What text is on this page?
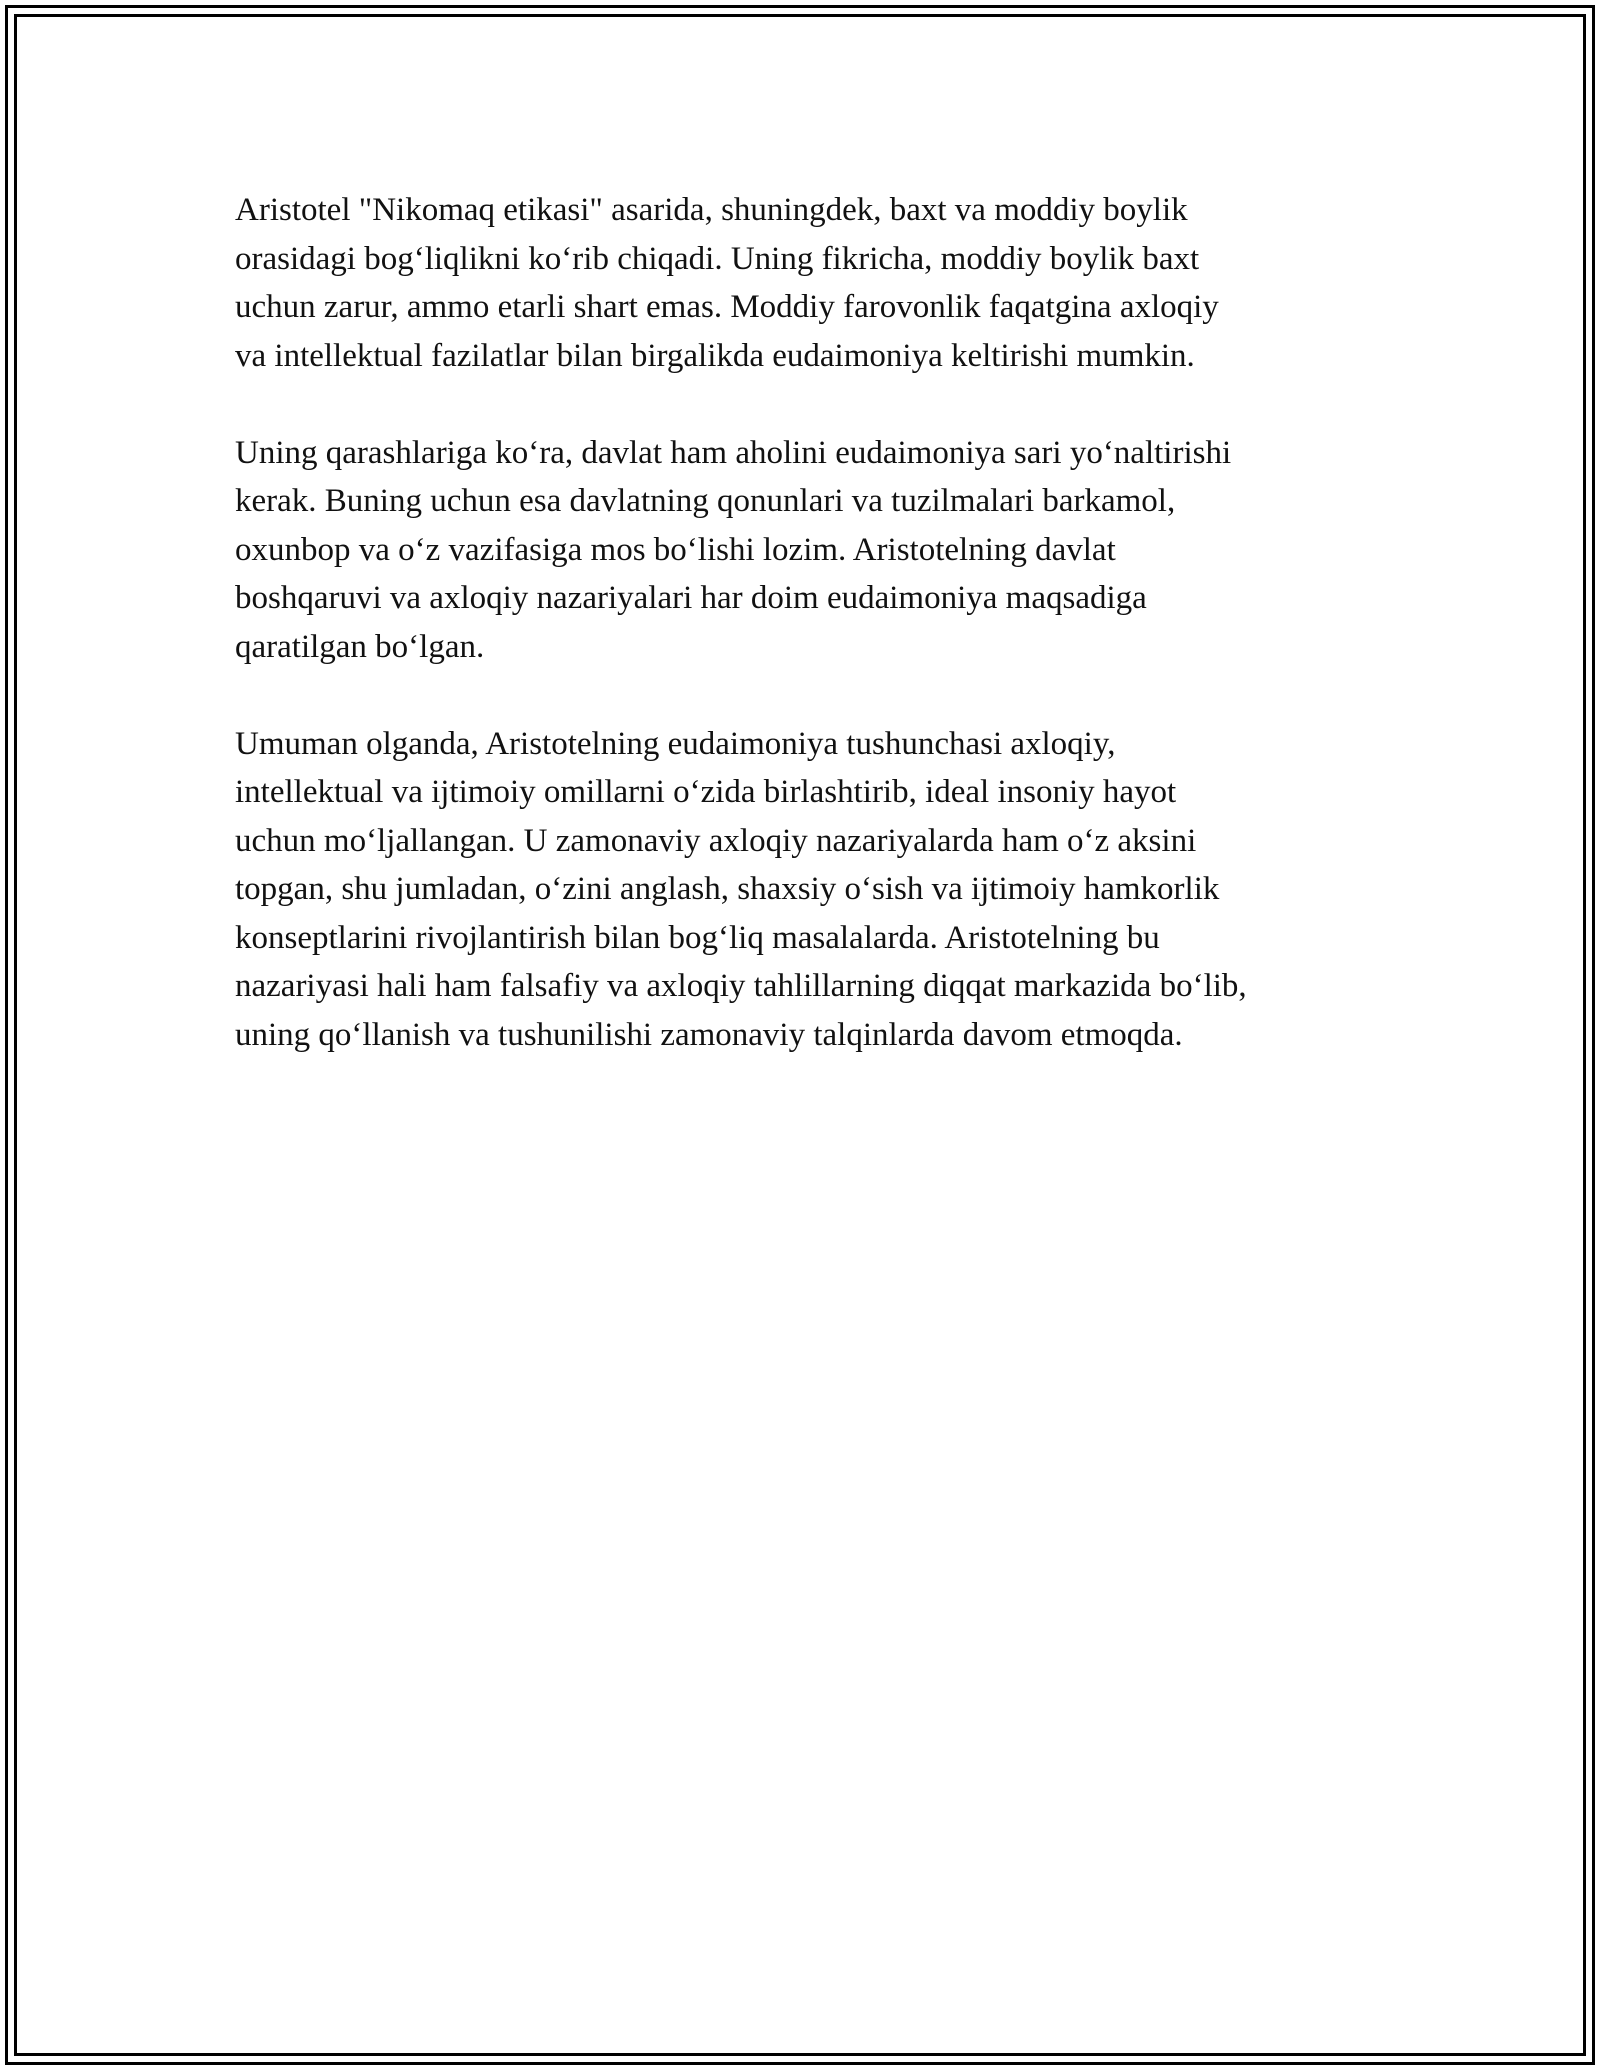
Aristotel "Nikomaq etikasi" asarida, shuningdek, baxt va moddiy boylik
orasidagi bog‘liqlikni ko‘rib chiqadi. Uning fikricha, moddiy boylik baxt
uchun zarur, ammo etarli shart emas. Moddiy farovonlik faqatgina axloqiy
va intellektual fazilatlar bilan birgalikda eudaimoniya keltirishi mumkin.

Uning qarashlariga ko‘ra, davlat ham aholini eudaimoniya sari yo‘naltirishi
kerak. Buning uchun esa davlatning qonunlari va tuzilmalari barkamol,
oxunbop va o‘z vazifasiga mos bo‘lishi lozim. Aristotelning davlat
boshqaruvi va axloqiy nazariyalari har doim eudaimoniya maqsadiga
qaratilgan bo‘lgan.

Umuman olganda, Aristotelning eudaimoniya tushunchasi axloqiy,
intellektual va ijtimoiy omillarni o‘zida birlashtirib, ideal insoniy hayot
uchun mo‘ljallangan. U zamonaviy axloqiy nazariyalarda ham o‘z aksini
topgan, shu jumladan, o‘zini anglash, shaxsiy o‘sish va ijtimoiy hamkorlik
konseptlarini rivojlantirish bilan bog‘liq masalalarda. Aristotelning bu
nazariyasi hali ham falsafiy va axloqiy tahlillarning diqqat markazida bo‘lib,
uning qo‘llanish va tushunilishi zamonaviy talqinlarda davom etmoqda.
